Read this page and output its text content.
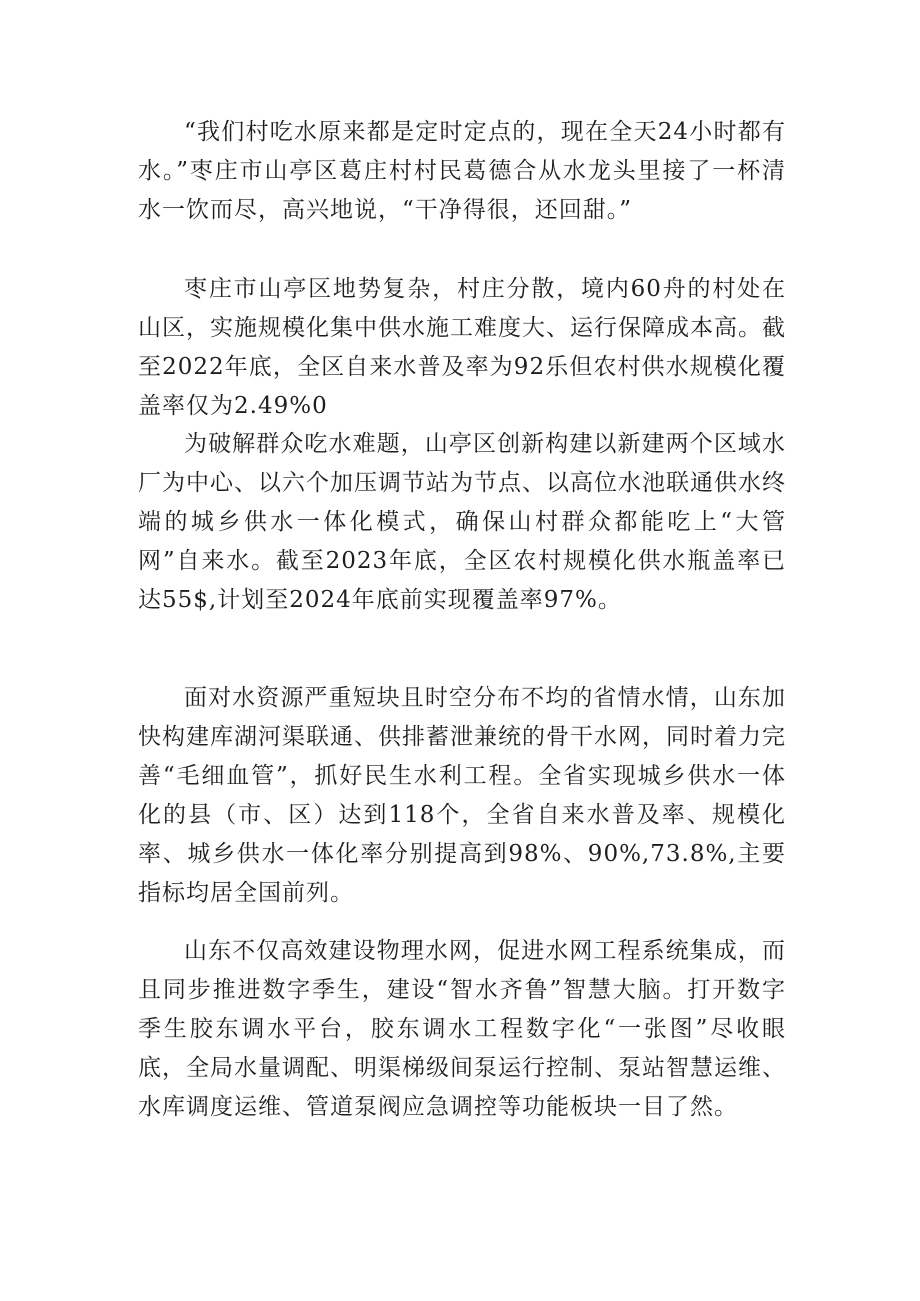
“我们村吃水原来都是定时定点的，现在全天24小时都有水。”枣庄市山亭区葛庄村村民葛德合从水龙头里接了一杯清水一饮而尽，高兴地说，“干净得很，还回甜。”

枣庄市山亭区地势复杂，村庄分散，境内60舟的村处在山区，实施规模化集中供水施工难度大、运行保障成本高。截至2022年底，全区自来水普及率为92乐但农村供水规模化覆盖率仅为2.49%0

为破解群众吃水难题，山亭区创新构建以新建两个区域水厂为中心、以六个加压调节站为节点、以高位水池联通供水终端的城乡供水一体化模式，确保山村群众都能吃上“大管网”自来水。截至2023年底，全区农村规模化供水瓶盖率已达55$,计划至2024年底前实现覆盖率97%。

面对水资源严重短块且时空分布不均的省情水情，山东加快构建库湖河渠联通、供排蓄泄兼统的骨干水网，同时着力完善“毛细血管”，抓好民生水利工程。全省实现城乡供水一体化的县（市、区）达到118个，全省自来水普及率、规模化率、城乡供水一体化率分别提高到98%、90%,73.8%,主要指标均居全国前列。

山东不仅高效建设物理水网，促进水网工程系统集成，而且同步推进数字季生，建设“智水齐鲁”智慧大脑。打开数字季生胶东调水平台，胶东调水工程数字化“一张图”尽收眼底，全局水量调配、明渠梯级间泵运行控制、泵站智慧运维、水库调度运维、管道泵阀应急调控等功能板块一目了然。
